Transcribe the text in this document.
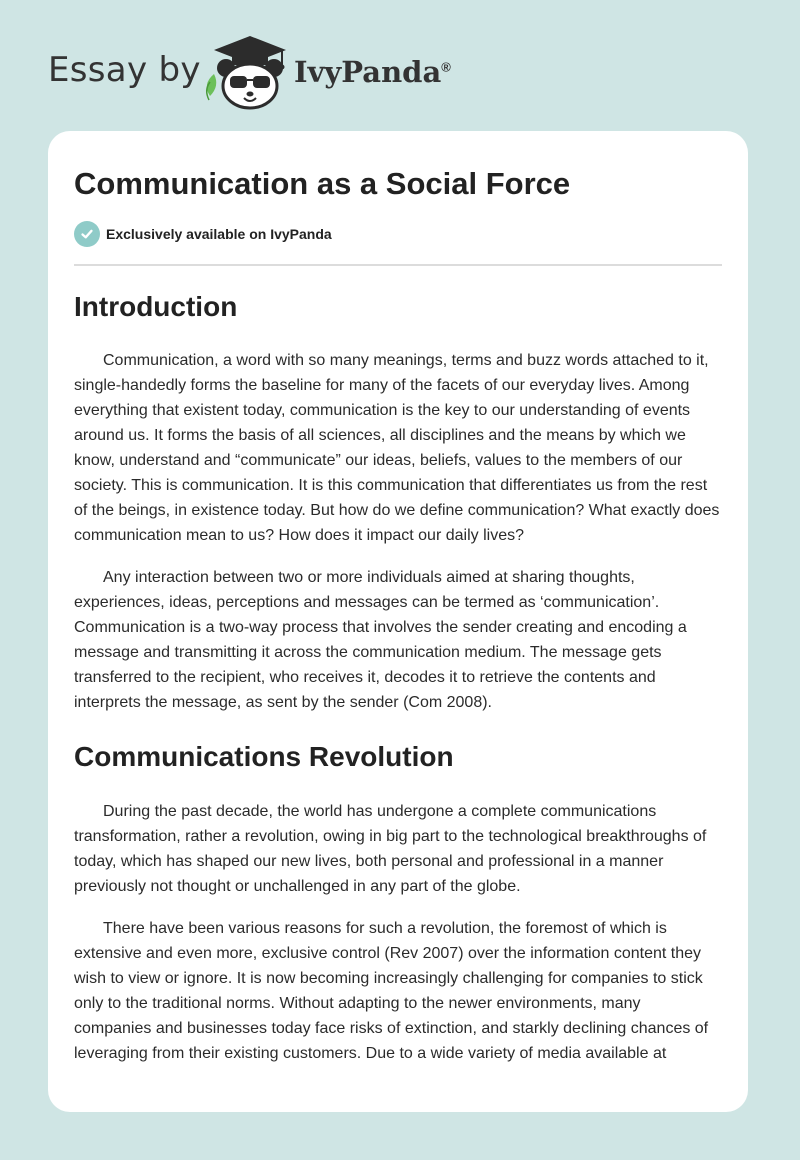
Essay by	IvyPanda®
Communication as a Social Force
Exclusively available on IvyPanda
Introduction

Communication, a word with so many meanings, terms and buzz words attached to it, single-handedly forms the baseline for many of the facets of our everyday lives. Among everything that existent today, communication is the key to our understanding of events around us. It forms the basis of all sciences, all disciplines and the means by which we know, understand and “communicate” our ideas, beliefs, values to the members of our society. This is communication. It is this communication that differentiates us from the rest of the beings, in existence today. But how do we define communication? What exactly does communication mean to us? How does it impact our daily lives?

Any interaction between two or more individuals aimed at sharing thoughts, experiences, ideas, perceptions and messages can be termed as ‘communication’. Communication is a two-way process that involves the sender creating and encoding a message and transmitting it across the communication medium. The message gets transferred to the recipient, who receives it, decodes it to retrieve the contents and interprets the message, as sent by the sender (Com 2008).

Communications Revolution

During the past decade, the world has undergone a complete communications transformation, rather a revolution, owing in big part to the technological breakthroughs of today, which has shaped our new lives, both personal and professional in a manner previously not thought or unchallenged in any part of the globe.

There have been various reasons for such a revolution, the foremost of which is extensive and even more, exclusive control (Rev 2007) over the information content they wish to view or ignore. It is now becoming increasingly challenging for companies to stick only to the traditional norms. Without adapting to the newer environments, many companies and businesses today face risks of extinction, and starkly declining chances of leveraging from their existing customers. Due to a wide variety of media available at
